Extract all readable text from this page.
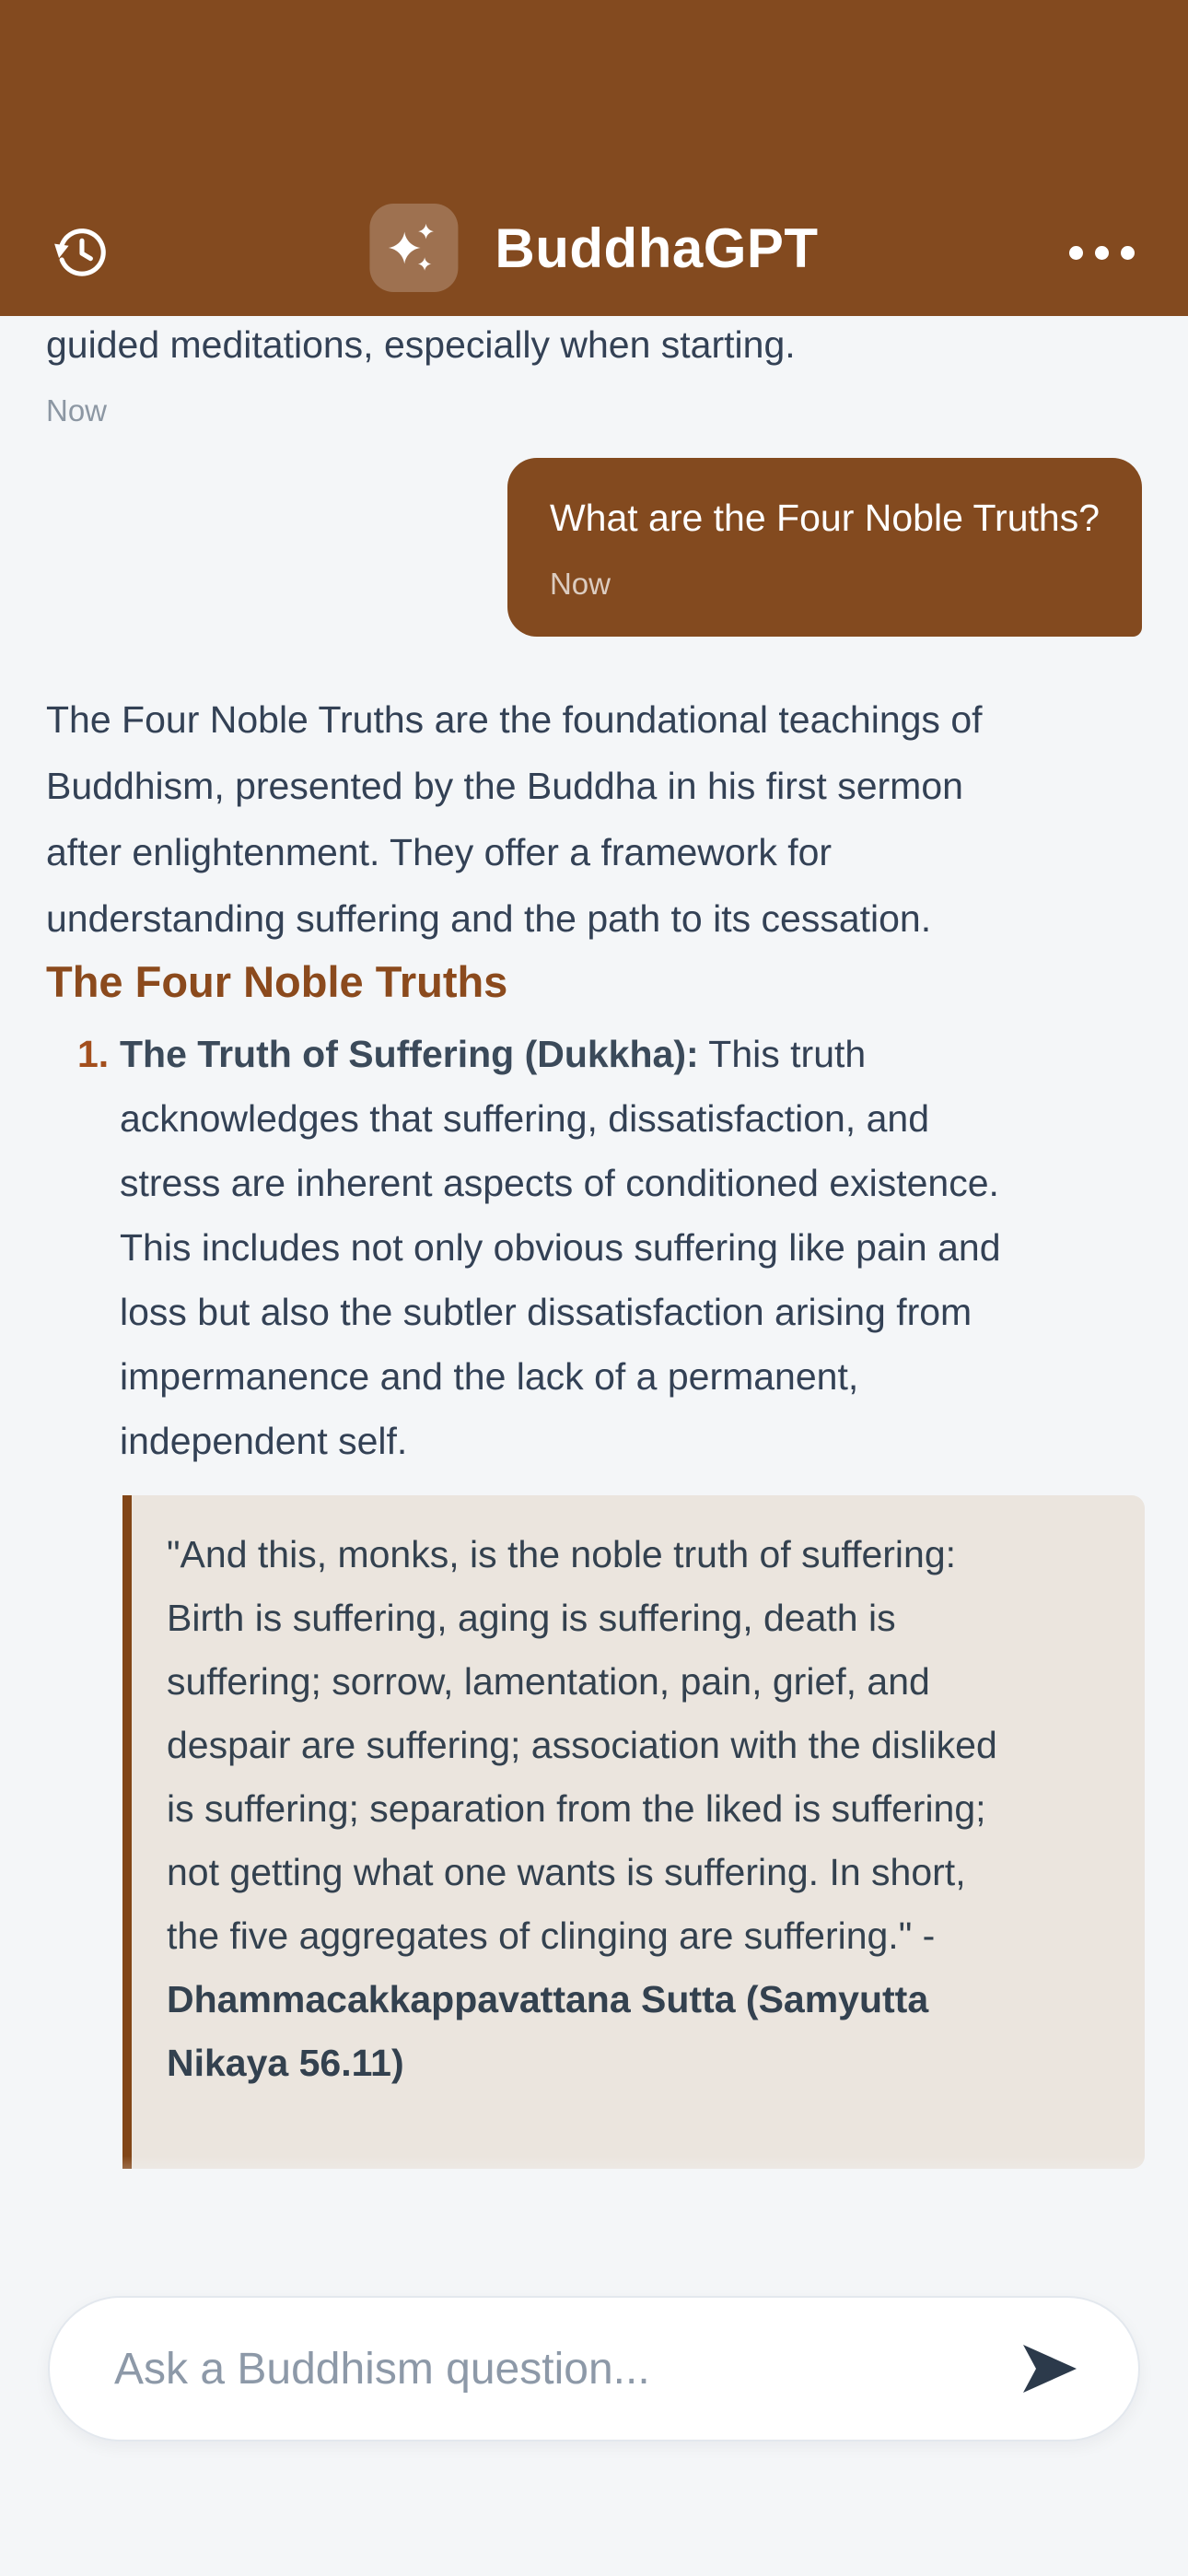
BuddhaGPT

guided meditations, especially when starting.

Now
What are the Four Noble Truths?
Now

The Four Noble Truths are the foundational teachings of Buddhism, presented by the Buddha in his first sermon after enlightenment. They offer a framework for understanding suffering and the path to its cessation.

The Four Noble Truths
1. The Truth of Suffering (Dukkha): This truth acknowledges that suffering, dissatisfaction, and stress are inherent aspects of conditioned existence. This includes not only obvious suffering like pain and loss but also the subtler dissatisfaction arising from impermanence and the lack of a permanent, independent self.

"And this, monks, is the noble truth of suffering: Birth is suffering, aging is suffering, death is suffering; sorrow, lamentation, pain, grief, and despair are suffering; association with the disliked is suffering; separation from the liked is suffering; not getting what one wants is suffering. In short, the five aggregates of clinging are suffering." - Dhammacakkappavattana Sutta (Samyutta Nikaya 56.11)
Ask a Buddhism question...
